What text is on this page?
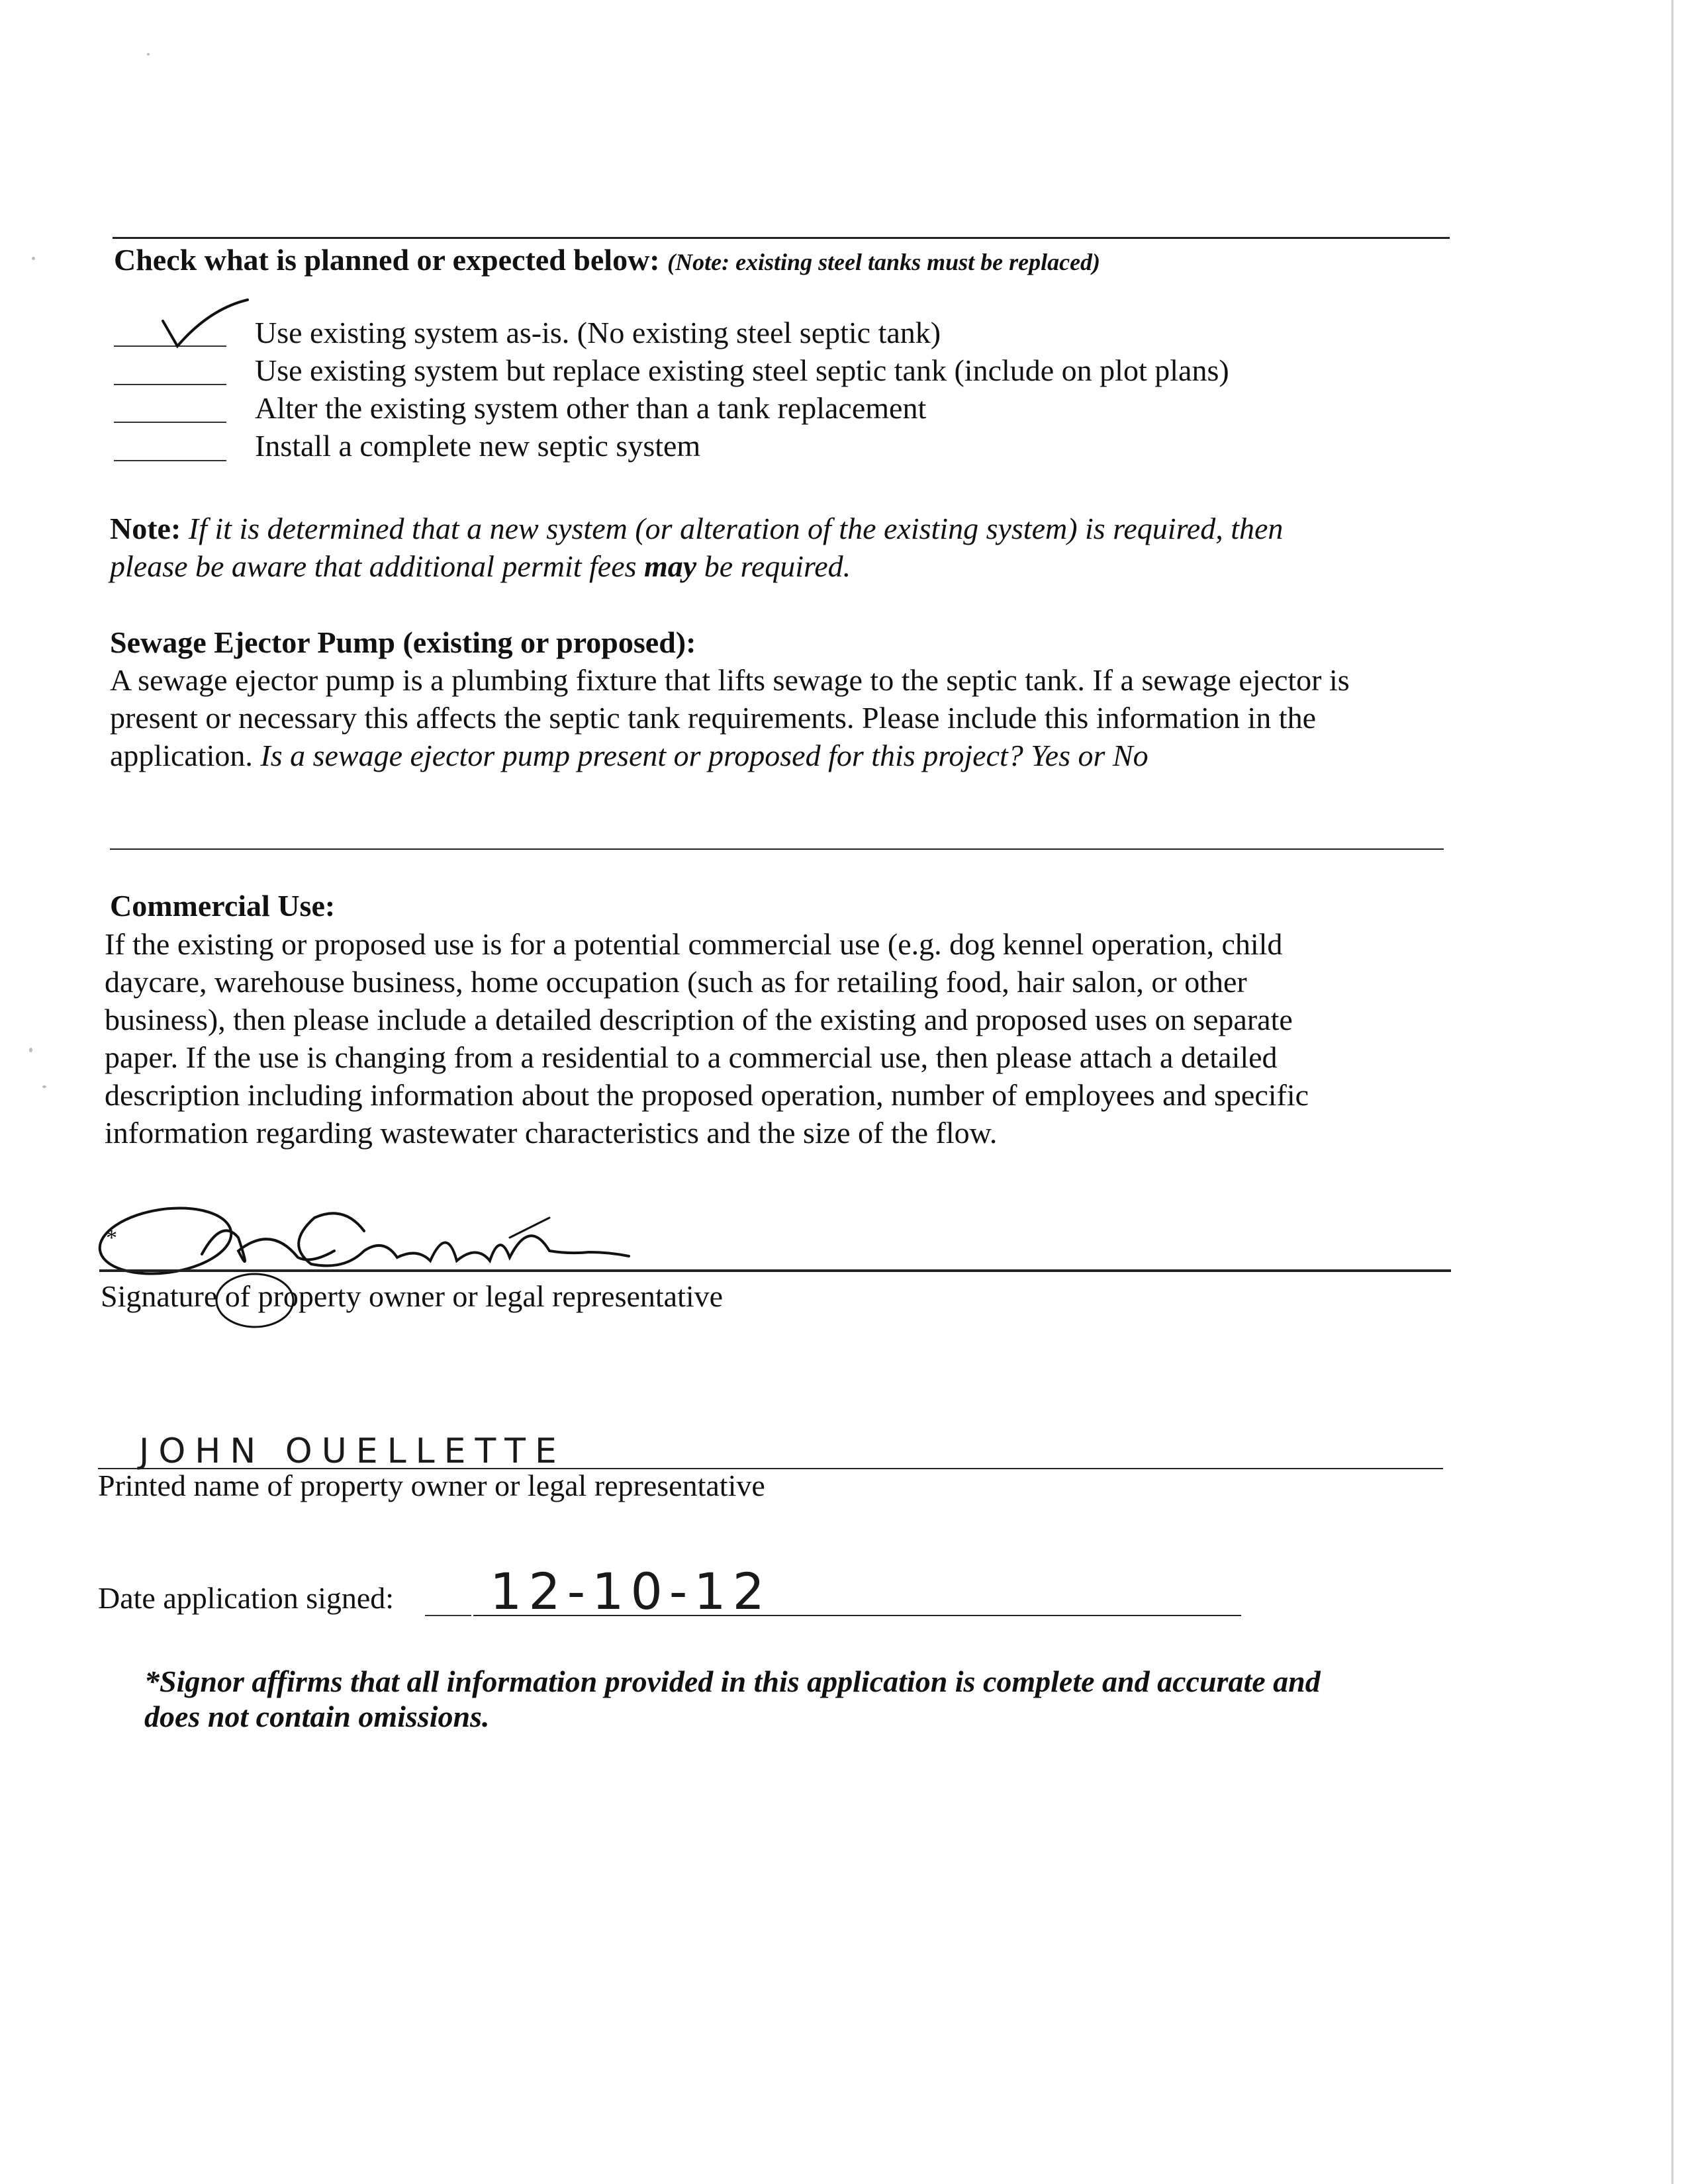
Check what is planned or expected below: (Note: existing steel tanks must be replaced)
Use existing system as-is. (No existing steel septic tank)
Use existing system but replace existing steel septic tank (include on plot plans)
Alter the existing system other than a tank replacement
Install a complete new septic system
Note: If it is determined that a new system (or alteration of the existing system) is required, then
please be aware that additional permit fees may be required.
Sewage Ejector Pump (existing or proposed):
A sewage ejector pump is a plumbing fixture that lifts sewage to the septic tank. If a sewage ejector is
present or necessary this affects the septic tank requirements. Please include this information in the
application. Is a sewage ejector pump present or proposed for this project? Yes or No
Commercial Use:
If the existing or proposed use is for a potential commercial use (e.g. dog kennel operation, child
daycare, warehouse business, home occupation (such as for retailing food, hair salon, or other
business), then please include a detailed description of the existing and proposed uses on separate
paper. If the use is changing from a residential to a commercial use, then please attach a detailed
description including information about the proposed operation, number of employees and specific
information regarding wastewater characteristics and the size of the flow.
*
Signature of property owner or legal representative
JOHN OUELLETTE
Printed name of property owner or legal representative
Date application signed: 12-10-12
*Signor affirms that all information provided in this application is complete and accurate and
does not contain omissions.
